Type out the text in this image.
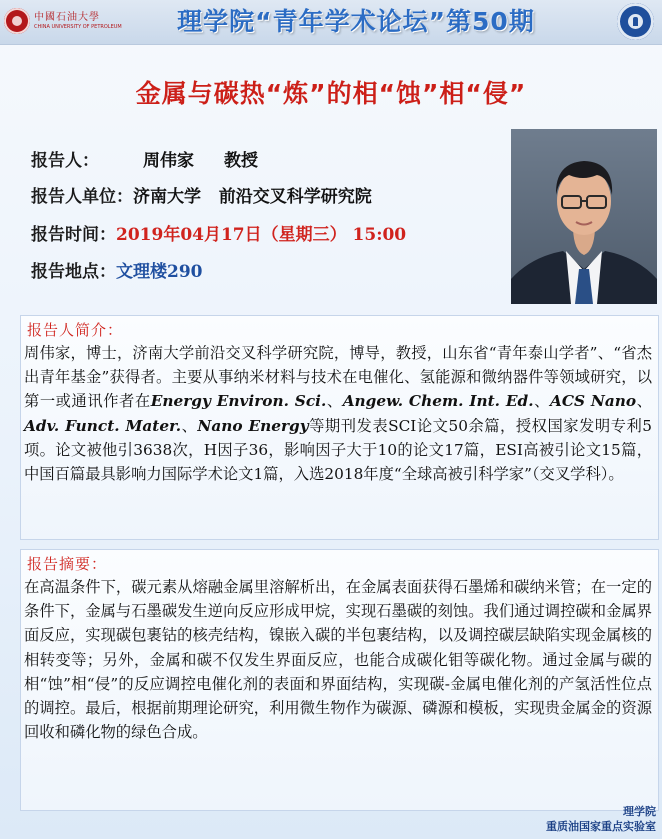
中國石油大學
CHINA UNIVERSITY OF PETROLEUM	理学院“青年学术论坛”第50期
金属与碳热“炼”的相“蚀”相“侵”
报告人：	周伟家 教授
报告人单位：济南大学   前沿交叉科学研究院
报告时间：2019年04月17日（星期三） 15:00
报告地点：文理楼290
报告人简介：
周伟家，博士，济南大学前沿交叉科学研究院，博导，教授，山东省“青年泰山学者”、“省杰出青年基金”获得者。主要从事纳米材料与技术在电催化、氢能源和微纳器件等领域研究，以第一或通讯作者在Energy Environ. Sci.、Angew. Chem. Int. Ed.、ACS Nano、Adv. Funct. Mater.、Nano Energy等期刊发表SCI论文50余篇，授权国家发明专利5项。论文被他引3638次，H因子36，影响因子大于10的论文17篇，ESI高被引论文15篇，中国百篇最具影响力国际学术论文1篇，入选2018年度“全球高被引科学家”（交叉学科）。
报告摘要：
在高温条件下，碳元素从熔融金属里溶解析出，在金属表面获得石墨烯和碳纳米管；在一定的条件下，金属与石墨碳发生逆向反应形成甲烷，实现石墨碳的刻蚀。我们通过调控碳和金属界面反应，实现碳包裹钴的核壳结构，镍嵌入碳的半包裹结构，以及调控碳层缺陷实现金属核的相转变等；另外，金属和碳不仅发生界面反应，也能合成碳化钼等碳化物。通过金属与碳的相“蚀”相“侵”的反应调控电催化剂的表面和界面结构，实现碳-金属电催化剂的产氢活性位点的调控。最后，根据前期理论研究，利用微生物作为碳源、磷源和模板，实现贵金属金的资源回收和磷化物的绿色合成。
理学院
重质油国家重点实验室
